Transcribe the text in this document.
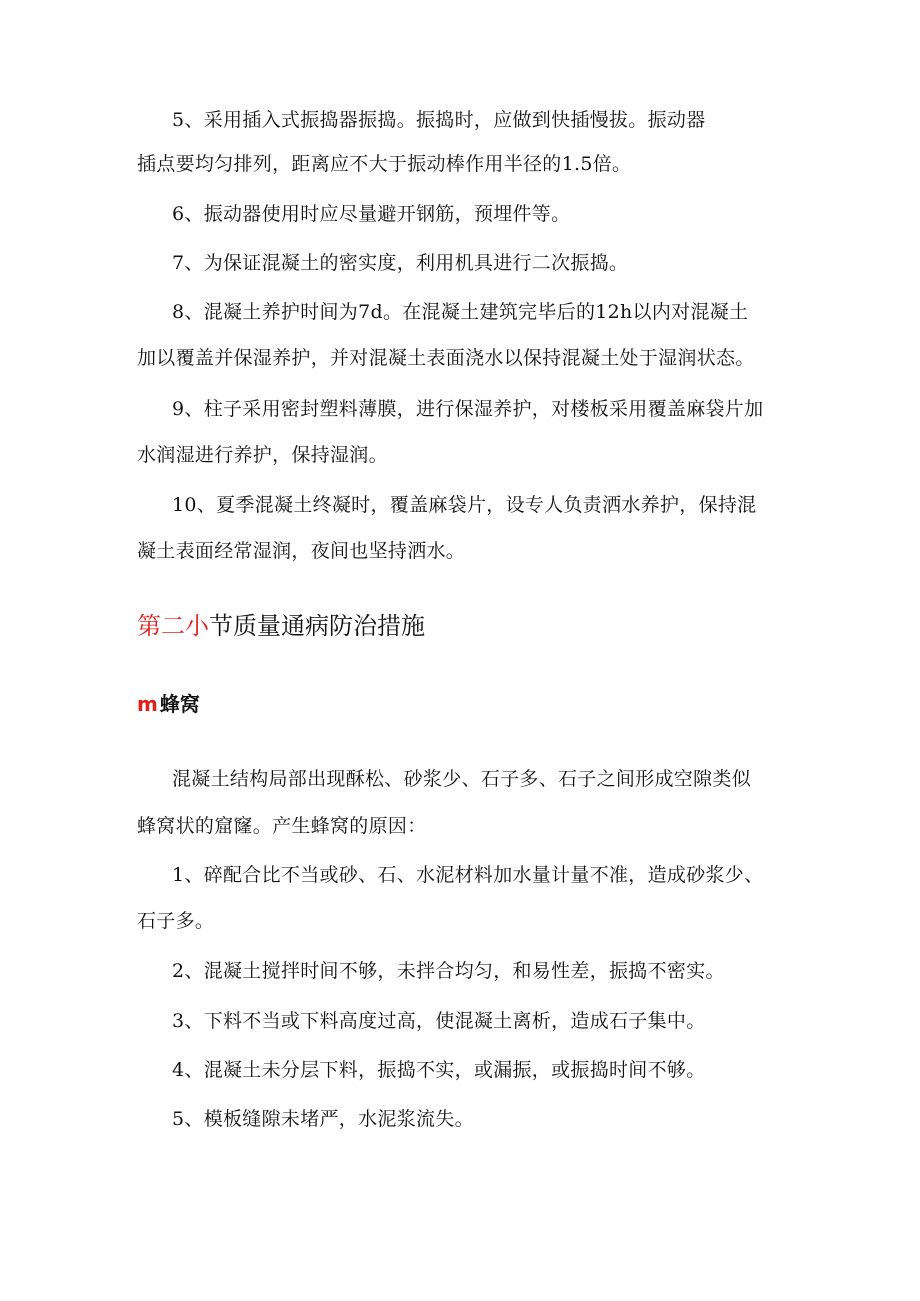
5、采用插入式振捣器振捣。振捣时，应做到快插慢拔。振动器
插点要均匀排列，距离应不大于振动棒作用半径的1.5倍。
6、振动器使用时应尽量避开钢筋，预埋件等。
7、为保证混凝土的密实度，利用机具进行二次振捣。
8、混凝土养护时间为7d。在混凝土建筑完毕后的12h以内对混凝土
加以覆盖并保湿养护，并对混凝土表面浇水以保持混凝土处于湿润状态。
9、柱子采用密封塑料薄膜，进行保湿养护，对楼板采用覆盖麻袋片加
水润湿进行养护，保持湿润。
10、夏季混凝土终凝时，覆盖麻袋片，设专人负责洒水养护，保持混
凝土表面经常湿润，夜间也坚持洒水。
第二小节质量通病防治措施
m  蜂窝
混凝土结构局部出现酥松、砂浆少、石子多、石子之间形成空隙类似
蜂窝状的窟窿。产生蜂窝的原因：
1、碎配合比不当或砂、石、水泥材料加水量计量不准，造成砂浆少、
石子多。
2、混凝土搅拌时间不够，未拌合均匀，和易性差，振捣不密实。
3、下料不当或下料高度过高，使混凝土离析，造成石子集中。
4、混凝土未分层下料，振捣不实，或漏振，或振捣时间不够。
5、模板缝隙未堵严，水泥浆流失。
